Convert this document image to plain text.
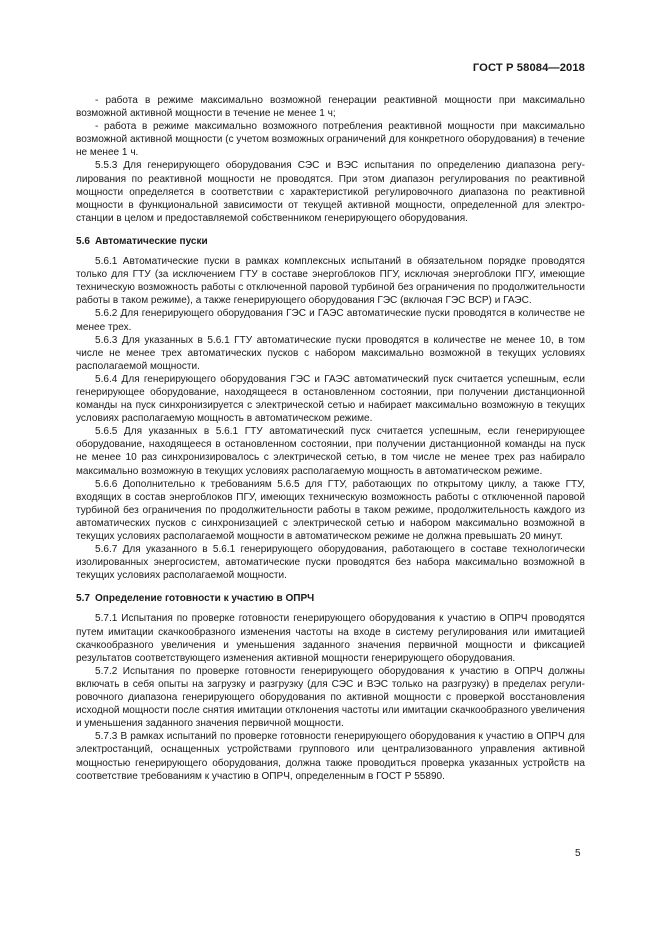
ГОСТ Р 58084—2018

- работа в режиме максимально возможной генерации реактивной мощности при максимально возможной активной мощности в течение не менее 1 ч;

- работа в режиме максимально возможного потребления реактивной мощности при максимально возможной активной мощности (с учетом возможных ограничений для конкретного оборудования) в течение не менее 1 ч.

5.5.3 Для генерирующего оборудования СЭС и ВЭС испытания по определению диапазона регулирования по реактивной мощности не проводятся. При этом диапазон регулирования по реактивной мощности определяется в соответствии с характеристикой регулировочного диапазона по реактивной мощности в функциональной зависимости от текущей активной мощности, определенной для электростанции в целом и предоставляемой собственником генерирующего оборудования.

5.6 Автоматические пуски

5.6.1 Автоматические пуски в рамках комплексных испытаний в обязательном порядке проводятся только для ГТУ (за исключением ГТУ в составе энергоблоков ПГУ, исключая энергоблоки ПГУ, имеющие техническую возможность работы с отключенной паровой турбиной без ограничения по продолжительности работы в таком режиме), а также генерирующего оборудования ГЭС (включая ГЭС ВСР) и ГАЭС.

5.6.2 Для генерирующего оборудования ГЭС и ГАЭС автоматические пуски проводятся в количестве не менее трех.

5.6.3 Для указанных в 5.6.1 ГТУ автоматические пуски проводятся в количестве не менее 10, в том числе не менее трех автоматических пусков с набором максимально возможной в текущих условиях располагаемой мощности.

5.6.4 Для генерирующего оборудования ГЭС и ГАЭС автоматический пуск считается успешным, если генерирующее оборудование, находящееся в остановленном состоянии, при получении дистанционной команды на пуск синхронизируется с электрической сетью и набирает максимально возможную в текущих условиях располагаемую мощность в автоматическом режиме.

5.6.5 Для указанных в 5.6.1 ГТУ автоматический пуск считается успешным, если генерирующее оборудование, находящееся в остановленном состоянии, при получении дистанционной команды на пуск не менее 10 раз синхронизировалось с электрической сетью, в том числе не менее трех раз набирало максимально возможную в текущих условиях располагаемую мощность в автоматическом режиме.

5.6.6 Дополнительно к требованиям 5.6.5 для ГТУ, работающих по открытому циклу, а также ГТУ, входящих в состав энергоблоков ПГУ, имеющих техническую возможность работы с отключенной паровой турбиной без ограничения по продолжительности работы в таком режиме, продолжительность каждого из автоматических пусков с синхронизацией с электрической сетью и набором максимально возможной в текущих условиях располагаемой мощности в автоматическом режиме не должна превышать 20 минут.

5.6.7 Для указанного в 5.6.1 генерирующего оборудования, работающего в составе технологически изолированных энергосистем, автоматические пуски проводятся без набора максимально возможной в текущих условиях располагаемой мощности.

5.7 Определение готовности к участию в ОПРЧ

5.7.1 Испытания по проверке готовности генерирующего оборудования к участию в ОПРЧ проводятся путем имитации скачкообразного изменения частоты на входе в систему регулирования или имитацией скачкообразного увеличения и уменьшения заданного значения первичной мощности и фиксацией результатов соответствующего изменения активной мощности генерирующего оборудования.

5.7.2 Испытания по проверке готовности генерирующего оборудования к участию в ОПРЧ должны включать в себя опыты на загрузку и разгрузку (для СЭС и ВЭС только на разгрузку) в пределах регулировочного диапазона генерирующего оборудования по активной мощности с проверкой восстановления исходной мощности после снятия имитации отклонения частоты или имитации скачкообразного увеличения и уменьшения заданного значения первичной мощности.

5.7.3 В рамках испытаний по проверке готовности генерирующего оборудования к участию в ОПРЧ для электростанций, оснащенных устройствами группового или централизованного управления активной мощностью генерирующего оборудования, должна также проводиться проверка указанных устройств на соответствие требованиям к участию в ОПРЧ, определенным в ГОСТ Р 55890.

5
